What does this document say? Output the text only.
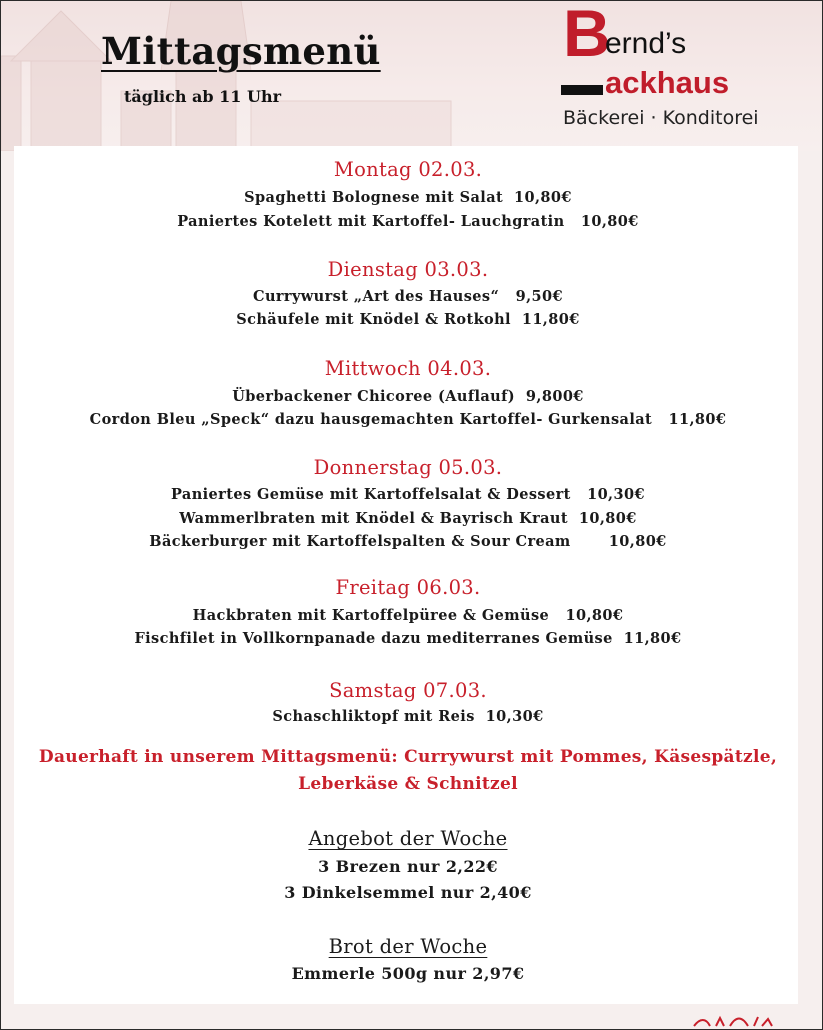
Mittagsmenü
täglich ab 11 Uhr
B
ernd’s
ackhaus
Bäckerei · Konditorei
Montag 02.03.
Spaghetti Bolognese mit Salat  10,80€
Paniertes Kotelett mit Kartoffel- Lauchgratin   10,80€
Dienstag 03.03.
Currywurst „Art des Hauses“   9,50€
Schäufele mit Knödel & Rotkohl  11,80€
Mittwoch 04.03.
Überbackener Chicoree (Auflauf)  9,800€
Cordon Bleu „Speck“ dazu hausgemachten Kartoffel- Gurkensalat   11,80€
Donnerstag 05.03.
Paniertes Gemüse mit Kartoffelsalat & Dessert   10,30€
Wammerlbraten mit Knödel & Bayrisch Kraut  10,80€
Bäckerburger mit Kartoffelspalten & Sour Cream       10,80€
Freitag 06.03.
Hackbraten mit Kartoffelpüree & Gemüse   10,80€
Fischfilet in Vollkornpanade dazu mediterranes Gemüse  11,80€
Samstag 07.03.
Schaschliktopf mit Reis  10,30€
Dauerhaft in unserem Mittagsmenü: Currywurst mit Pommes, Käsespätzle,
Leberkäse & Schnitzel
Angebot der Woche
3 Brezen nur 2,22€
3 Dinkelsemmel nur 2,40€
Brot der Woche
Emmerle 500g nur 2,97€
